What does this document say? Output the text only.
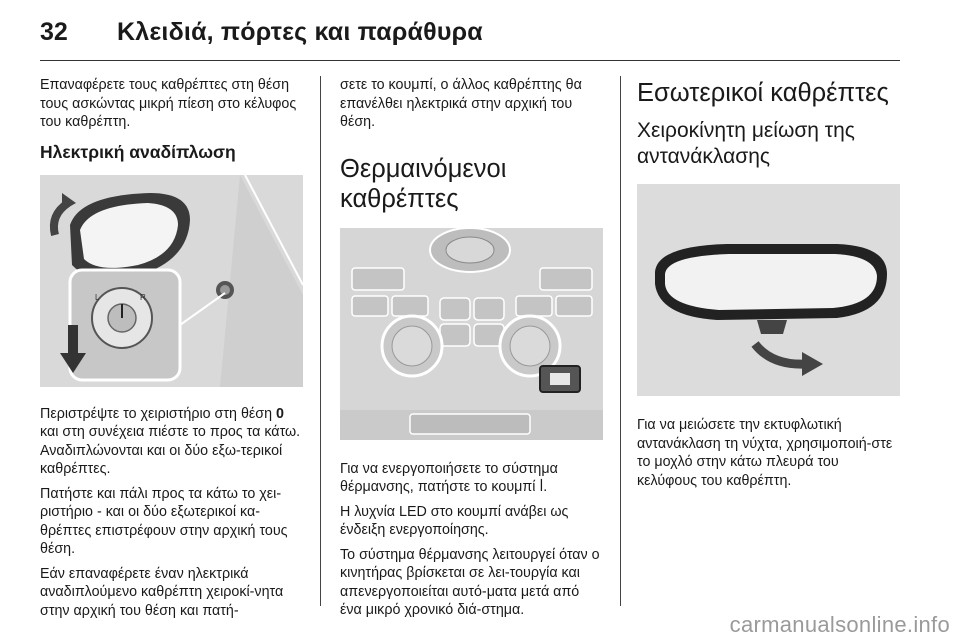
32 Κλειδιά, πόρτες και παράθυρα

Επαναφέρετε τους καθρέπτες στη θέση τους ασκώντας μικρή πίεση στο κέλυφος του καθρέπτη.

Ηλεκτρική αναδίπλωση
L	R

Περιστρέψτε το χειριστήριο στη θέση 0 και στη συνέχεια πιέστε το προς τα κάτω. Αναδιπλώνονται και οι δύο εξω-τερικοί καθρέπτες.

Πατήστε και πάλι προς τα κάτω το χει-ριστήριο - και οι δύο εξωτερικοί κα-θρέπτες επιστρέφουν στην αρχική τους θέση.

Εάν επαναφέρετε έναν ηλεκτρικά αναδιπλούμενο καθρέπτη χειροκί-νητα στην αρχική του θέση και πατή-

σετε το κουμπί, ο άλλος καθρέπτης θα επανέλθει ηλεκτρικά στην αρχική του θέση.

Θερμαινόμενοι καθρέπτες

Για να ενεργοποιήσετε το σύστημα θέρμανσης, πατήστε το κουμπί ꟾ.

Η λυχνία LED στο κουμπί ανάβει ως ένδειξη ενεργοποίησης.

Το σύστημα θέρμανσης λειτουργεί όταν ο κινητήρας βρίσκεται σε λει-τουργία και απενεργοποιείται αυτό-ματα μετά από ένα μικρό χρονικό διά-στημα.

Εσωτερικοί καθρέπτες
Χειροκίνητη μείωση της αντανάκλασης

Για να μειώσετε την εκτυφλωτική αντανάκλαση τη νύχτα, χρησιμοποιή-στε το μοχλό στην κάτω πλευρά του κελύφους του καθρέπτη.

carmanualsonline.info
